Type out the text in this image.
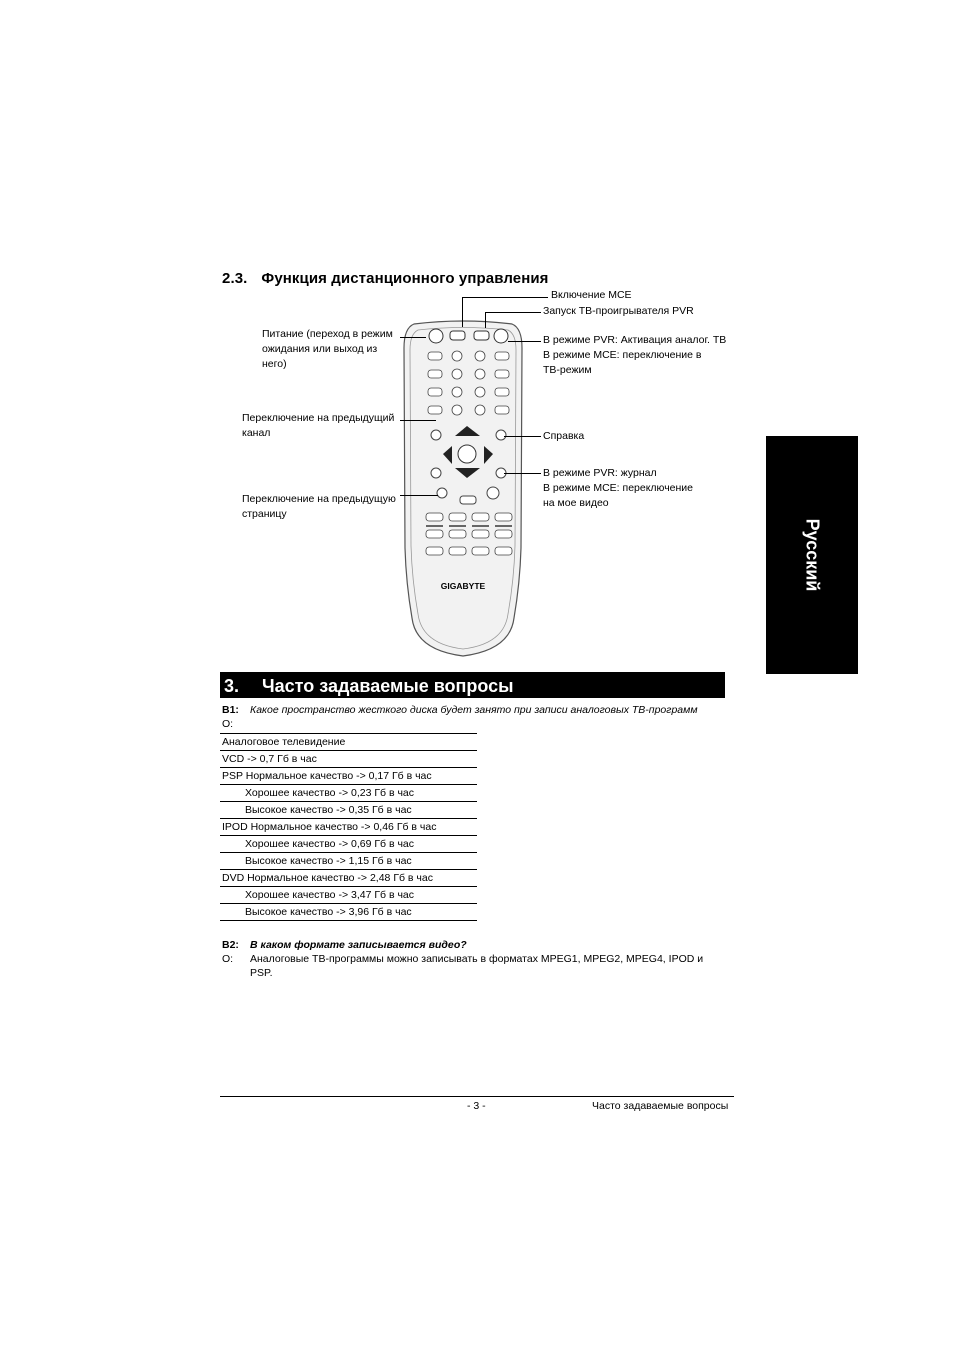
Русский
2.3. Функция дистанционного управления
GIGABYTE
Включение MCE
Запуск ТВ-проигрывателя PVR
Питание (переход в режим
ожидания или выход из
него)
В режиме PVR: Активация аналог. ТВ
В режиме MCE: переключение в
ТВ-режим
Переключение на предыдущий
канал	Справка
В режиме PVR: журнал
В режиме MCE: переключение
на мое видео
Переключение на предыдущую
страницу
3. Часто задаваемые вопросы
В1: Какое пространство жесткого диска будет занято при записи аналоговых ТВ-программ
О:
Аналоговое телевидение
VCD -> 0,7 Гб в час
PSP Нормальное качество -> 0,17 Гб в час
Хорошее качество -> 0,23 Гб в час
Высокое качество -> 0,35 Гб в час
IPOD Нормальное качество -> 0,46 Гб в час
Хорошее качество -> 0,69 Гб в час
Высокое качество -> 1,15 Гб в час
DVD Нормальное качество -> 2,48 Гб в час
Хорошее качество -> 3,47 Гб в час
Высокое качество -> 3,96 Гб в час
В2: В каком формате записывается видео?
О: Аналоговые ТВ-программы можно записывать в форматах MPEG1, MPEG2, MPEG4, IPOD и
PSP.
- 3 -	Часто задаваемые вопросы
